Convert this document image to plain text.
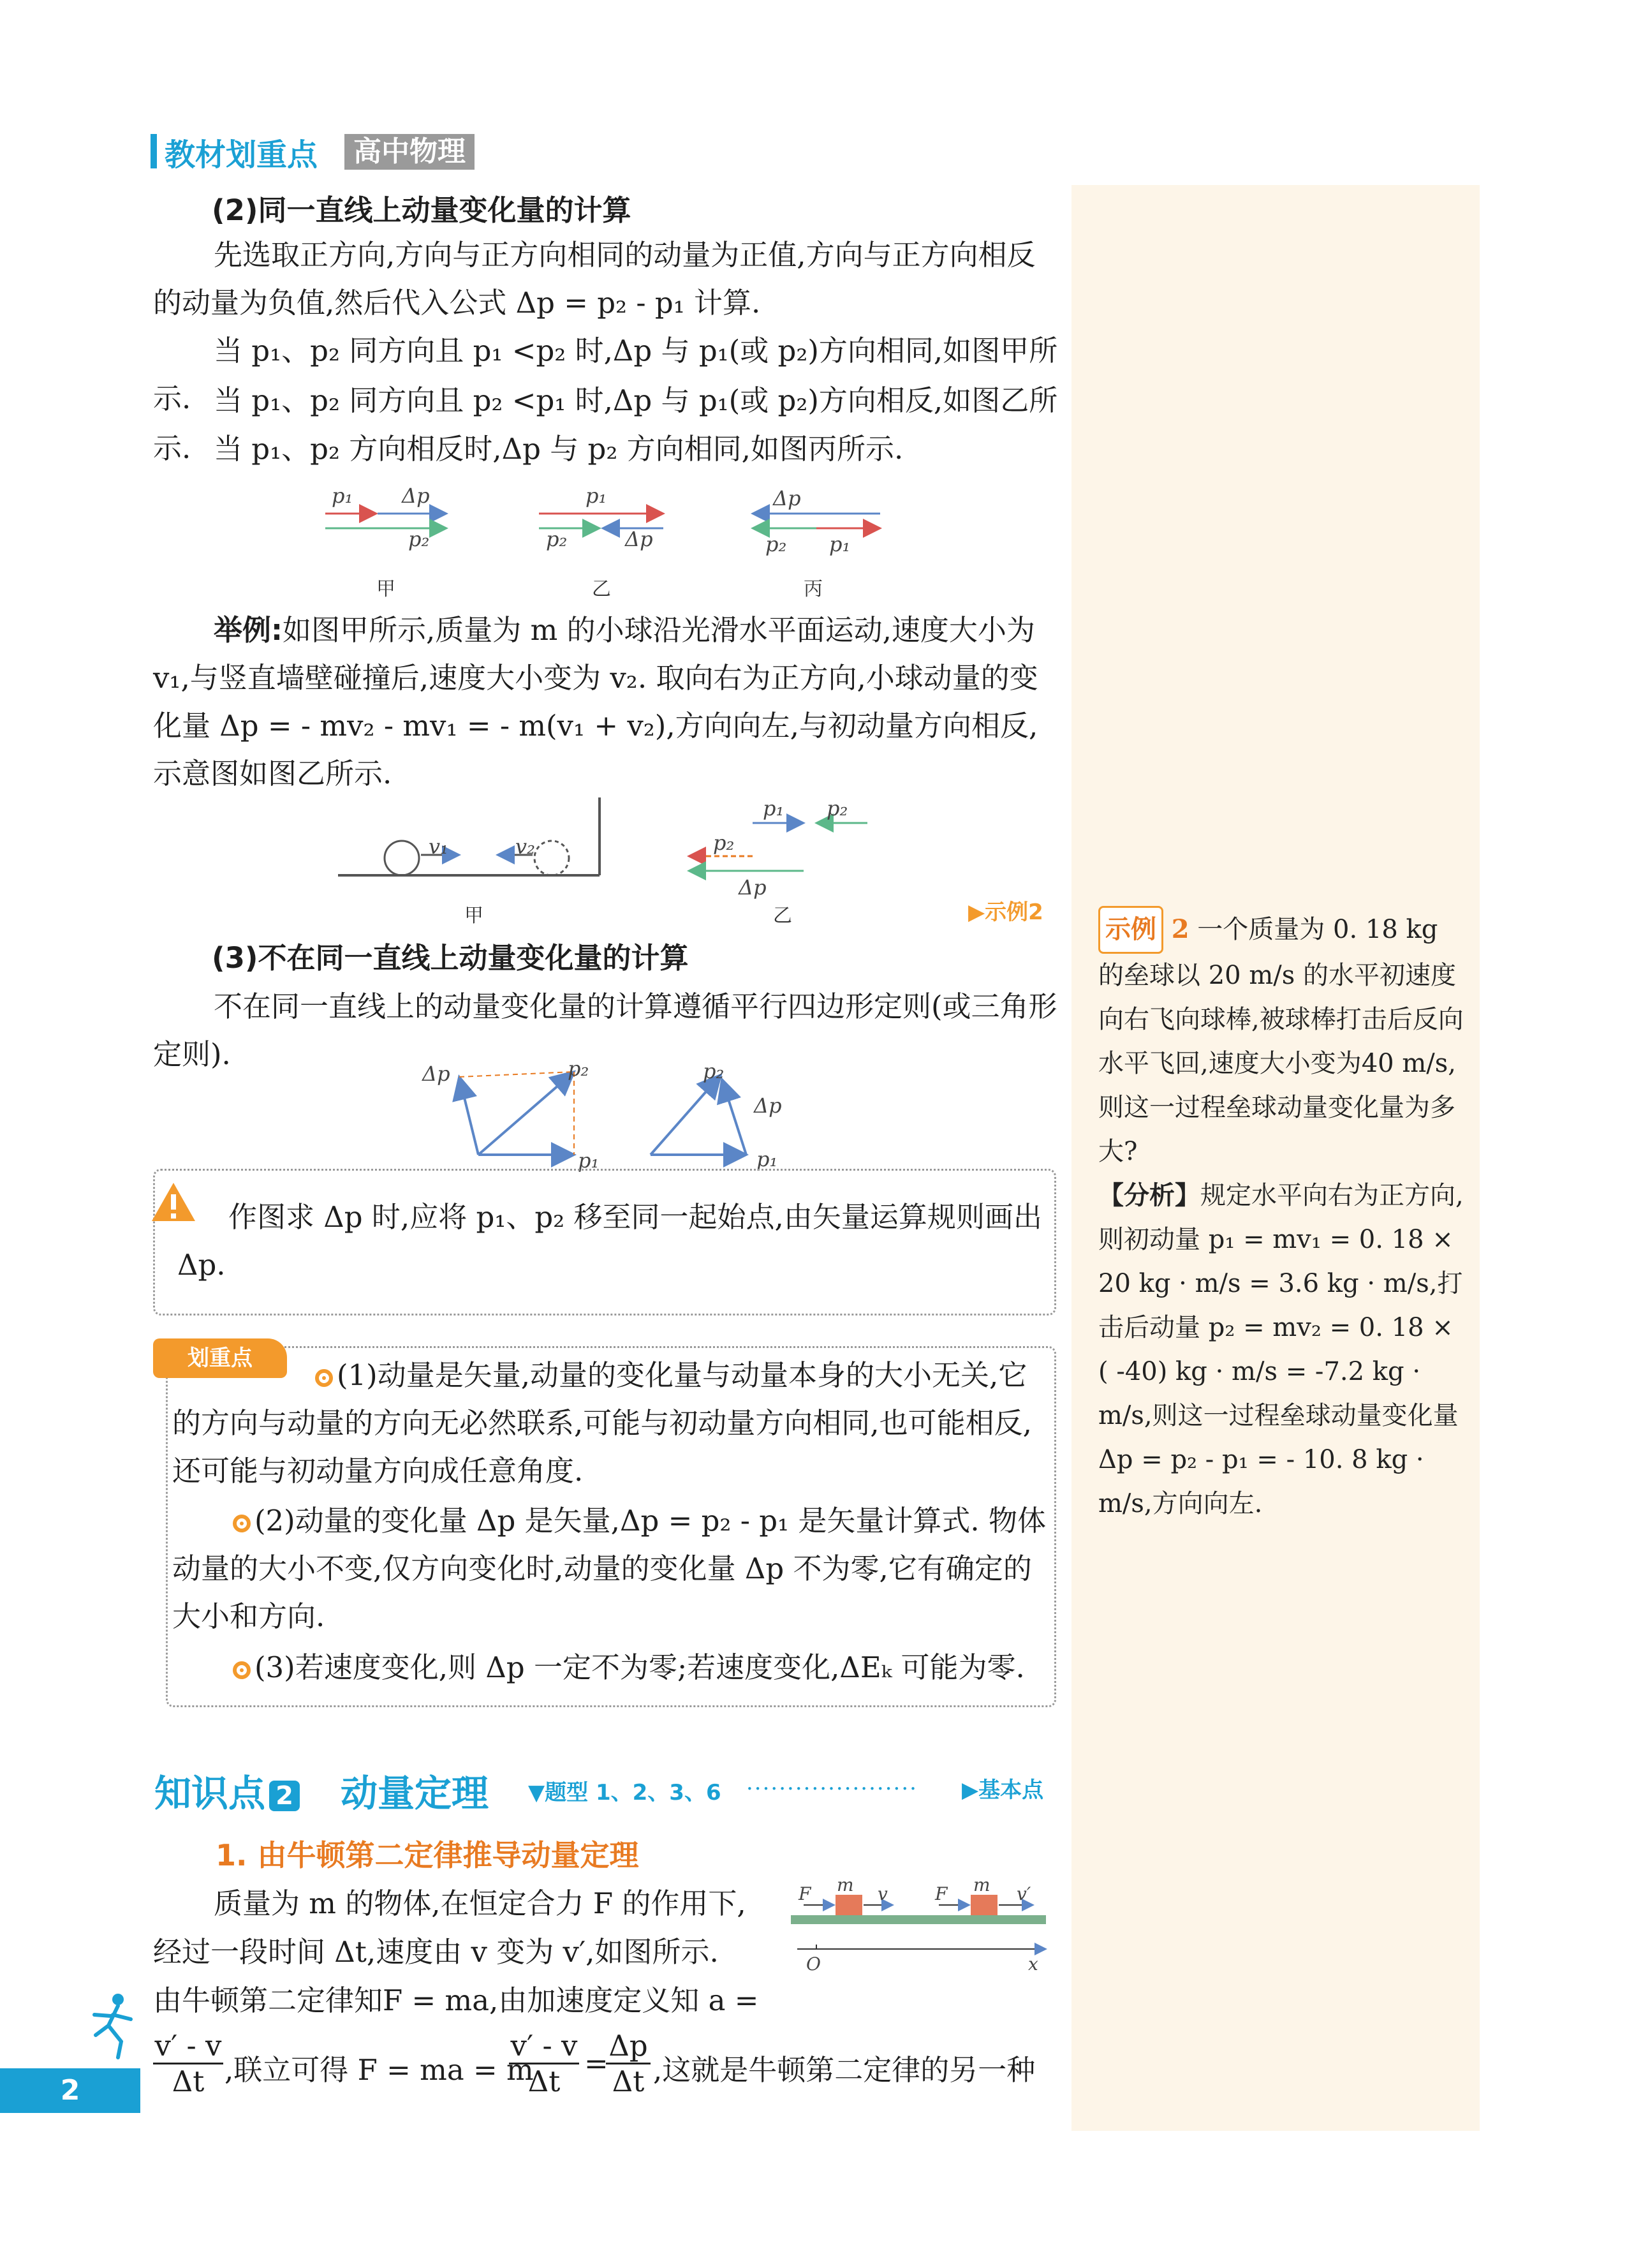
教材划重点	高中物理
(2)同一直线上动量变化量的计算
先选取正方向,方向与正方向相同的动量为正值,方向与正方向相反的动量为负值,然后代入公式 Δp = p₂ - p₁ 计算.
当 p₁、p₂ 同方向且 p₁ <p₂ 时,Δp 与 p₁(或 p₂)方向相同,如图甲所示. 当 p₁、p₂ 同方向且 p₂ <p₁ 时,Δp 与 p₁(或 p₂)方向相反,如图乙所示. 当 p₁、p₂ 方向相反时,Δp 与 p₂ 方向相同,如图丙所示.
p₁ Δp
p₂
p₁
p₂	Δp
Δp
p₂ p₁
甲	乙	丙
举例:如图甲所示,质量为 m 的小球沿光滑水平面运动,速度大小为 v₁,与竖直墙壁碰撞后,速度大小变为 v₂. 取向右为正方向,小球动量的变化量 Δp = - mv₂ - mv₁ = - m(v₁ + v₂),方向向左,与初动量方向相反,示意图如图乙所示.
v₁	v₂
p₁ p₂
p₂
Δp
甲	乙	▶示例2
(3)不在同一直线上动量变化量的计算
不在同一直线上的动量变化量的计算遵循平行四边形定则(或三角形定则).
Δp	p₂
p₁
p₂
Δp
p₁
作图求 Δp 时,应将 p₁、p₂ 移至同一起始点,由矢量运算规则画出 Δp.
划重点	(1)动量是矢量,动量的变化量与动量本身的大小无关,它的方向与动量的方向无必然联系,可能与初动量方向相同,也可能相反,还可能与初动量方向成任意角度.
(2)动量的变化量 Δp 是矢量,Δp = p₂ - p₁ 是矢量计算式. 物体动量的大小不变,仅方向变化时,动量的变化量 Δp 不为零,它有确定的大小和方向.
(3)若速度变化,则 Δp 一定不为零;若速度变化,ΔEₖ 可能为零.
知识点 2 动量定理 ▼题型 1、2、3、6 ····················· ▶基本点
1. 由牛顿第二定律推导动量定理
质量为 m 的物体,在恒定合力 F 的作用下,
经过一段时间 Δt,速度由 v 变为 v′,如图所示.
由牛顿第二定律知F = ma,由加速度定义知 a =
v′ - v
Δt ,联立可得 F = ma = m
v′ - v
Δt
=
Δp
Δt ,这就是牛顿第二定律的另一种
F m v	F m v′
O	x
示例 2 一个质量为 0. 18 kg 的垒球以 20 m/s 的水平初速度向右飞向球棒,被球棒打击后反向水平飞回,速度大小变为40 m/s,则这一过程垒球动量变化量为多大?
【分析】规定水平向右为正方向,则初动量 p₁ = mv₁ = 0. 18 × 20 kg · m/s = 3.6 kg · m/s,打击后动量 p₂ = mv₂ = 0. 18 × ( -40) kg · m/s = -7.2 kg · m/s,则这一过程垒球动量变化量 Δp = p₂ - p₁ = - 10. 8 kg · m/s,方向向左.
2
